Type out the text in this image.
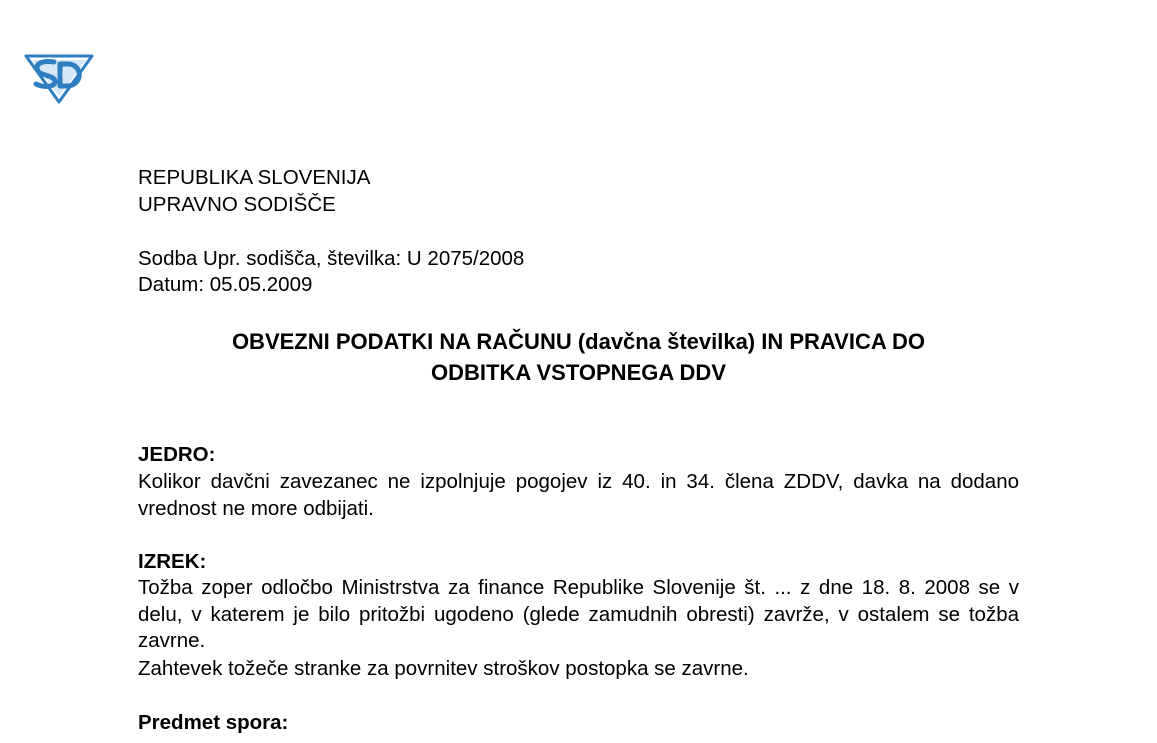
REPUBLIKA SLOVENIJA
UPRAVNO SODIŠČE
Sodba Upr. sodišča, številka: U 2075/2008
Datum: 05.05.2009
OBVEZNI PODATKI NA RAČUNU (davčna številka) IN PRAVICA DO
ODBITKA VSTOPNEGA DDV
JEDRO:
Kolikor davčni zavezanec ne izpolnjuje pogojev iz 40. in 34. člena ZDDV, davka na dodano vrednost ne more odbijati.
IZREK:
Tožba zoper odločbo Ministrstva za finance Republike Slovenije št. ... z dne 18. 8. 2008 se v delu, v katerem je bilo pritožbi ugodeno (glede zamudnih obresti) zavrže, v ostalem se tožba zavrne.
Zahtevek tožeče stranke za povrnitev stroškov postopka se zavrne.
Predmet spora:
